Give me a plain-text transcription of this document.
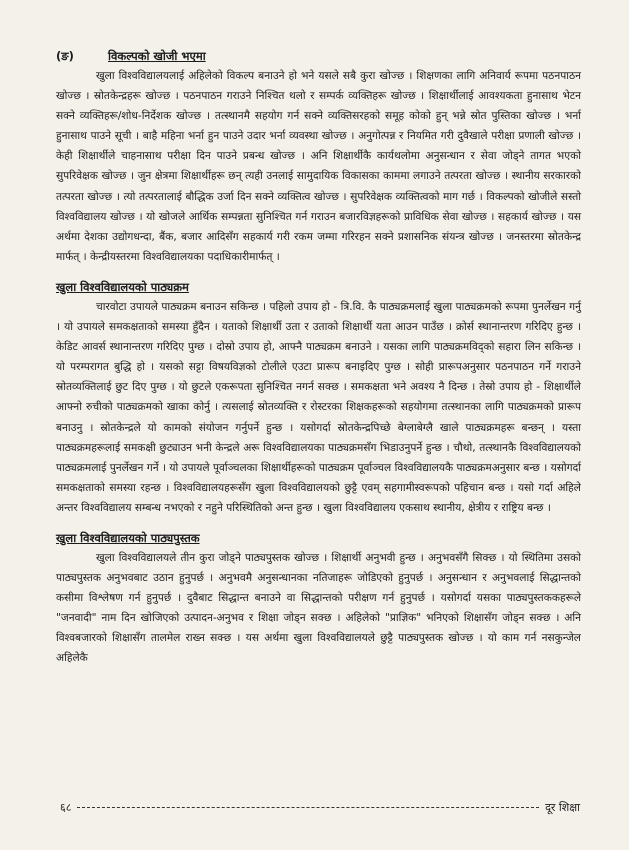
(ङ)	विकल्पको खोजी भएमा

खुला विश्वविद्यालयलाई अहिलेको विकल्प बनाउने हो भने यसले सबै कुरा खोज्छ । शिक्षणका लागि अनिवार्य रूपमा पठनपाठन खोज्छ । स्रोतकेन्द्रहरू खोज्छ । पठनपाठन गराउने निश्चित थलो र सम्पर्क व्यक्तिहरू खोज्छ । शिक्षार्थीलाई आवश्यकता हुनासाथ भेटन सक्ने व्यक्तिहरू/शोध-निर्देशक खोज्छ । तत्स्थानमै सहयोग गर्न सक्ने व्यक्तिसरहको समूह कोको हुन् भन्ने स्रोत पुस्तिका खोज्छ । भर्ना हुनासाथ पाउने सूची । बाहै महिना भर्ना हुन पाउने उदार भर्ना व्यवस्था खोज्छ । अनुगोत्पन्न र नियमित गरी दुवैखाले परीक्षा प्रणाली खोज्छ । केही शिक्षार्थीले चाहनासाथ परीक्षा दिन पाउने प्रबन्ध खोज्छ । अनि शिक्षार्थीकै कार्यथलोमा अनुसन्धान र सेवा जोड्ने तागत भएको सुपरिवेक्षक खोज्छ । जुन क्षेत्रमा शिक्षार्थीहरू छन् त्यही उनलाई सामुदायिक विकासका काममा लगाउने तत्परता खोज्छ । स्थानीय सरकारको तत्परता खोज्छ । त्यो तत्परतालाई बौद्धिक उर्जा दिन सक्ने व्यक्तित्व खोज्छ । सुपरिवेक्षक व्यक्तित्वको माग गर्छ । विकल्पको खोजीले सस्तो विश्वविद्यालय खोज्छ । यो खोजले आर्थिक सम्पन्नता सुनिश्चित गर्न गराउन बजारविज्ञहरूको प्राविधिक सेवा खोज्छ । सहकार्य खोज्छ । यस अर्थमा देशका उद्योगधन्दा, बैंक, बजार आदिसँग सहकार्य गरी रकम जम्मा गरिरहन सक्ने प्रशासनिक संयन्त्र खोज्छ । जनस्तरमा स्रोतकेन्द्र मार्फत् । केन्द्रीयस्तरमा विश्वविद्यालयका पदाधिकारीमार्फत् ।

खुला विश्वविद्यालयको पाठ्यक्रम

चारवोटा उपायले पाठ्यक्रम बनाउन सकिन्छ । पहिलो उपाय हो - त्रि.वि. कै पाठ्यक्रमलाई खुला पाठ्यक्रमको रूपमा पुनर्लेखन गर्नु । यो उपायले समकक्षताको समस्या हुँदैन । यताको शिक्षार्थी उता र उताको शिक्षार्थी यता आउन पाउँछ । क्रोर्स स्थानान्तरण गरिदिए हुन्छ । केडिट आवर्स स्थानान्तरण गरिदिए पुग्छ । दोस्रो उपाय हो, आफ्नै पाठ्यक्रम बनाउने । यसका लागि पाठ्यक्रमविद्को सहारा लिन सकिन्छ । यो परम्परागत बुद्धि हो । यसको सट्टा विषयविज्ञको टोलीले एउटा प्रारूप बनाइदिए पुग्छ । सोही प्रारूपअनुसार पठनपाठन गर्ने गराउने स्रोतव्यक्तिलाई छुट दिए पुग्छ । यो छुटले एकरूपता सुनिश्चित नगर्न सक्छ । समकक्षता भने अवश्य नै दिन्छ । तेस्रो उपाय हो - शिक्षार्थीले आफ्नो रुचीको पाठ्यक्रमको खाका कोर्नु । त्यसलाई स्रोतव्यक्ति र रोस्टरका शिक्षकहरूको सहयोगमा तत्स्थानका लागि पाठ्यक्रमको प्रारूप बनाउनु । स्रोतकेन्द्रले यो कामको संयोजन गर्नुपर्ने हुन्छ । यसोगर्दा स्रोतकेन्द्रपिच्छे बेग्लाबेग्लै खाले पाठ्यक्रमहरू बन्छन् । यस्ता पाठ्यक्रमहरूलाई समकक्षी छुट्याउन भनी केन्द्रले अरू विश्वविद्यालयका पाठ्यक्रमसँग भिडाउनुपर्ने हुन्छ । चौथो, तत्स्थानकै विश्वविद्यालयको पाठ्यक्रमलाई पुनर्लेखन गर्ने । यो उपायले पूर्वाञ्चलका शिक्षार्थीहरूको पाठ्यक्रम पूर्वाञ्चल विश्वविद्यालयकै पाठ्यक्रमअनुसार बन्छ । यसोगर्दा समकक्षताको समस्या रहन्छ । विश्वविद्यालयहरूसँग खुला विश्वविद्यालयको छुट्टै एवम् सहगामीस्वरूपको पहिचान बन्छ । यसो गर्दा अहिले अन्तर विश्वविद्यालय सम्बन्ध नभएको र नहुने परिस्थितिको अन्त हुन्छ । खुला विश्वविद्यालय एकसाथ स्थानीय, क्षेत्रीय र राष्ट्रिय बन्छ ।

खुला विश्वविद्यालयको पाठ्यपुस्तक

खुला विश्वविद्यालयले तीन कुरा जोड्ने पाठ्यपुस्तक खोज्छ । शिक्षार्थी अनुभवी हुन्छ । अनुभवसँगै सिक्छ । यो स्थितिमा उसको पाठ्यपुस्तक अनुभवबाट उठान हुनुपर्छ । अनुभवमै अनुसन्धानका नतिजाहरू जोडिएको हुनुपर्छ । अनुसन्धान र अनुभवलाई सिद्धान्तको कसीमा विश्लेषण गर्न हुनुपर्छ । दुवैबाट सिद्धान्त बनाउने वा सिद्धान्तको परीक्षण गर्न हुनुपर्छ । यसोगर्दा यसका पाठ्यपुस्तककहरूले "जनवादी" नाम दिन खोजिएको उत्पादन-अनुभव र शिक्षा जोड्न सक्छ । अहिलेको "प्राज्ञिक" भनिएको शिक्षासँग जोड्न सक्छ । अनि विश्वबजारको शिक्षासँग तालमेल राख्न सक्छ । यस अर्थमा खुला विश्वविद्यालयले छुट्टै पाठ्यपुस्तक खोज्छ । यो काम गर्न नसकुन्जेल अहिलेकै

६८	दूर शिक्षा
